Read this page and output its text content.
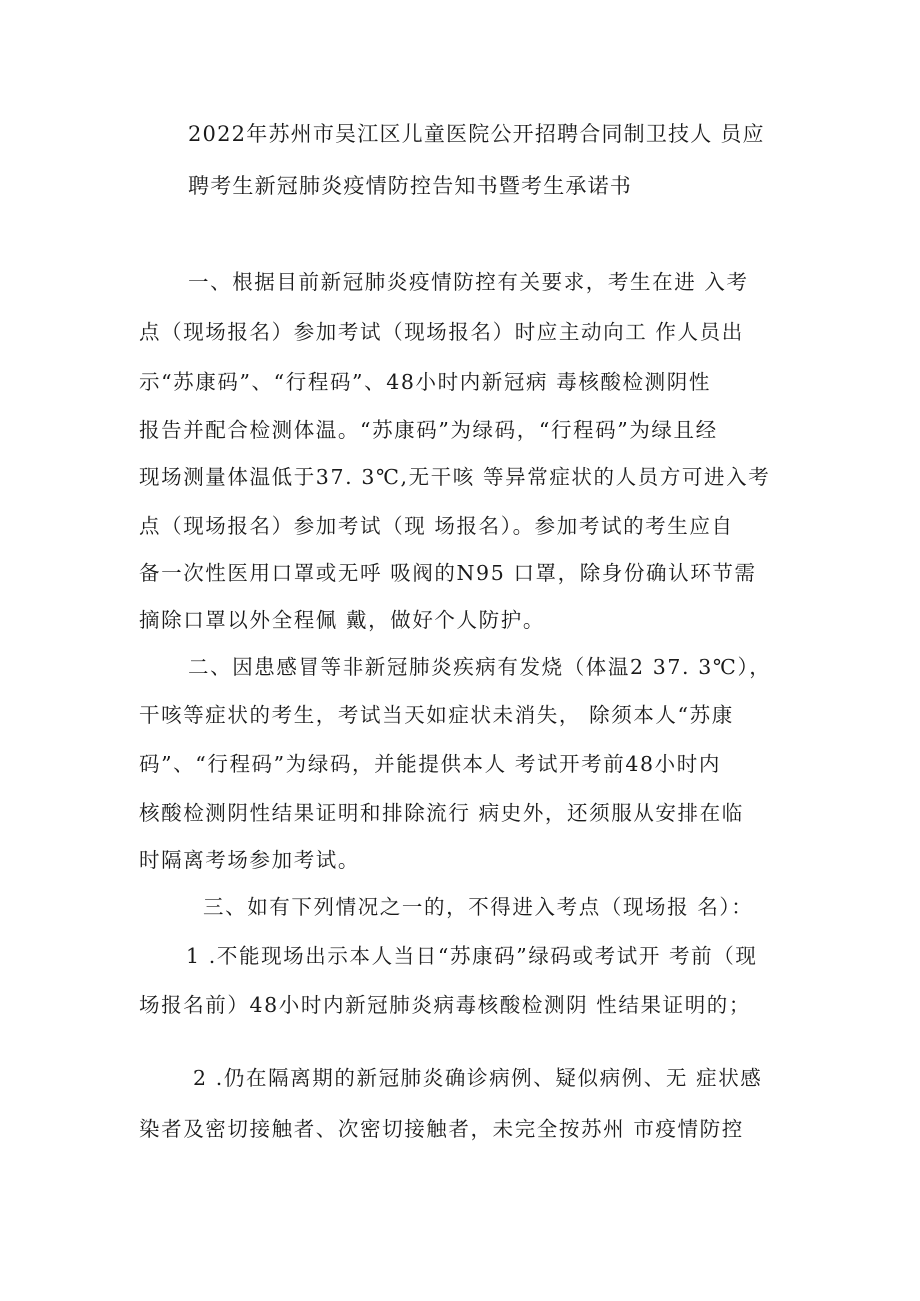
2022年苏州市吴江区儿童医院公开招聘合同制卫技人 员应
聘考生新冠肺炎疫情防控告知书暨考生承诺书
一、根据目前新冠肺炎疫情防控有关要求，考生在进 入考
点（现场报名）参加考试（现场报名）时应主动向工 作人员出
示“苏康码”、“行程码”、48小时内新冠病 毒核酸检测阴性
报告并配合检测体温。“苏康码”为绿码，“行程码”为绿且经
现场测量体温低于37. 3℃,无干咳 等异常症状的人员方可进入考
点（现场报名）参加考试（现 场报名）。参加考试的考生应自
备一次性医用口罩或无呼 吸阀的N95 口罩，除身份确认环节需
摘除口罩以外全程佩 戴，做好个人防护。
二、因患感冒等非新冠肺炎疾病有发烧（体温2 37. 3℃），
干咳等症状的考生，考试当天如症状未消失， 除须本人“苏康
码”、“行程码”为绿码，并能提供本人 考试开考前48小时内
核酸检测阴性结果证明和排除流行 病史外，还须服从安排在临
时隔离考场参加考试。
三、如有下列情况之一的，不得进入考点（现场报 名）：
1 .不能现场出示本人当日“苏康码”绿码或考试开 考前（现
场报名前）48小时内新冠肺炎病毒核酸检测阴 性结果证明的；
2 .仍在隔离期的新冠肺炎确诊病例、疑似病例、无 症状感
染者及密切接触者、次密切接触者，未完全按苏州 市疫情防控
